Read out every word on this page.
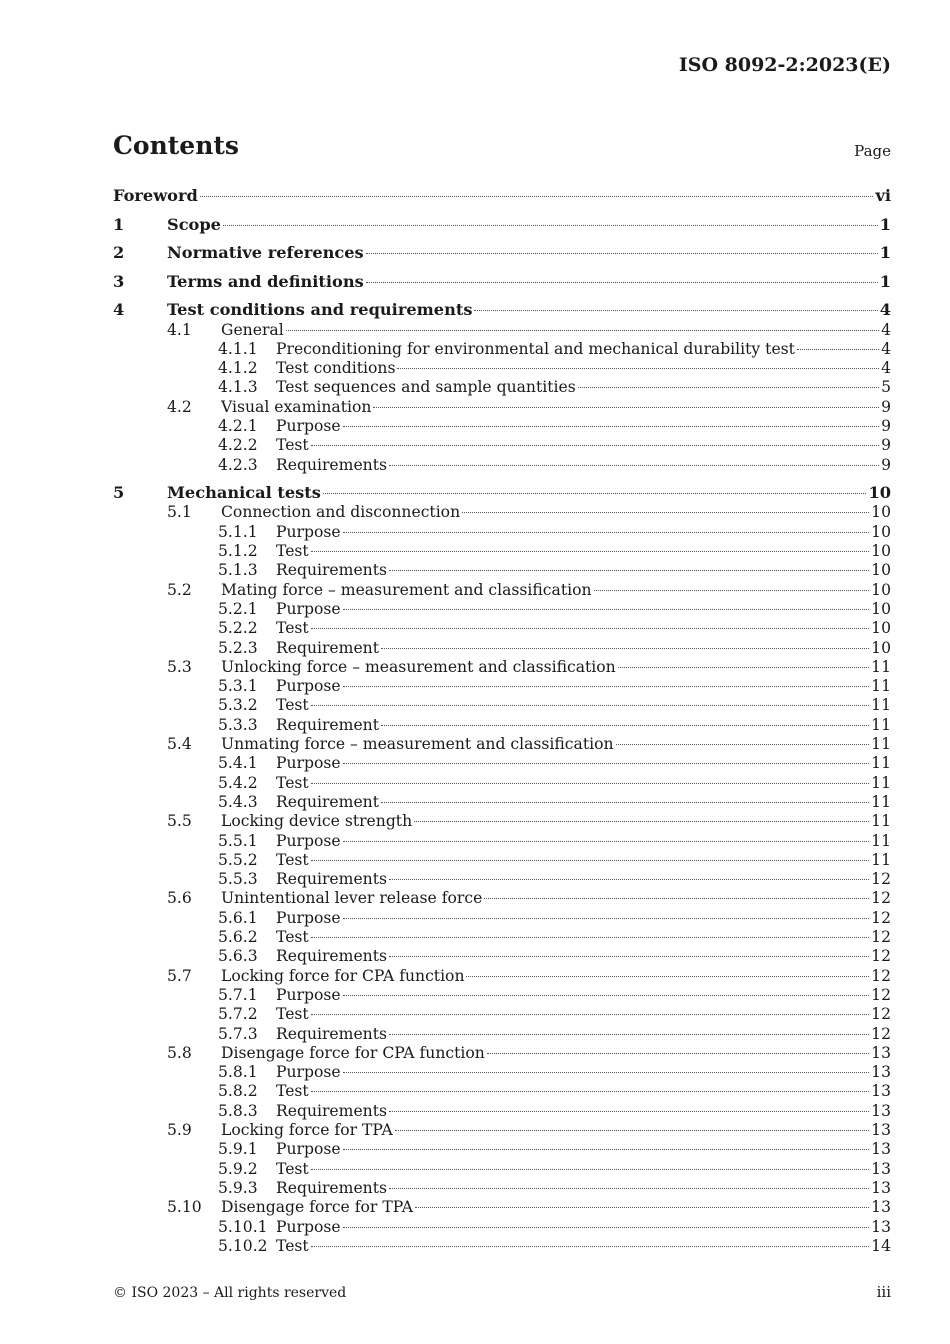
ISO 8092-2:2023(E)
Contents	Page
Foreword	vi
1	Scope	1
2	Normative references	1
3	Terms and definitions	1
4	Test conditions and requirements	4
4.1	General	4
4.1.1	Preconditioning for environmental and mechanical durability test	4
4.1.2	Test conditions	4
4.1.3	Test sequences and sample quantities	5
4.2	Visual examination	9
4.2.1	Purpose	9
4.2.2	Test	9
4.2.3	Requirements	9
5	Mechanical tests	10
5.1	Connection and disconnection	10
5.1.1	Purpose	10
5.1.2	Test	10
5.1.3	Requirements	10
5.2	Mating force – measurement and classification	10
5.2.1	Purpose	10
5.2.2	Test	10
5.2.3	Requirement	10
5.3	Unlocking force – measurement and classification	11
5.3.1	Purpose	11
5.3.2	Test	11
5.3.3	Requirement	11
5.4	Unmating force – measurement and classification	11
5.4.1	Purpose	11
5.4.2	Test	11
5.4.3	Requirement	11
5.5	Locking device strength	11
5.5.1	Purpose	11
5.5.2	Test	11
5.5.3	Requirements	12
5.6	Unintentional lever release force	12
5.6.1	Purpose	12
5.6.2	Test	12
5.6.3	Requirements	12
5.7	Locking force for CPA function	12
5.7.1	Purpose	12
5.7.2	Test	12
5.7.3	Requirements	12
5.8	Disengage force for CPA function	13
5.8.1	Purpose	13
5.8.2	Test	13
5.8.3	Requirements	13
5.9	Locking force for TPA	13
5.9.1	Purpose	13
5.9.2	Test	13
5.9.3	Requirements	13
5.10	Disengage force for TPA	13
5.10.1 Purpose	13
5.10.2 Test	14
© ISO 2023 – All rights reserved	iii
